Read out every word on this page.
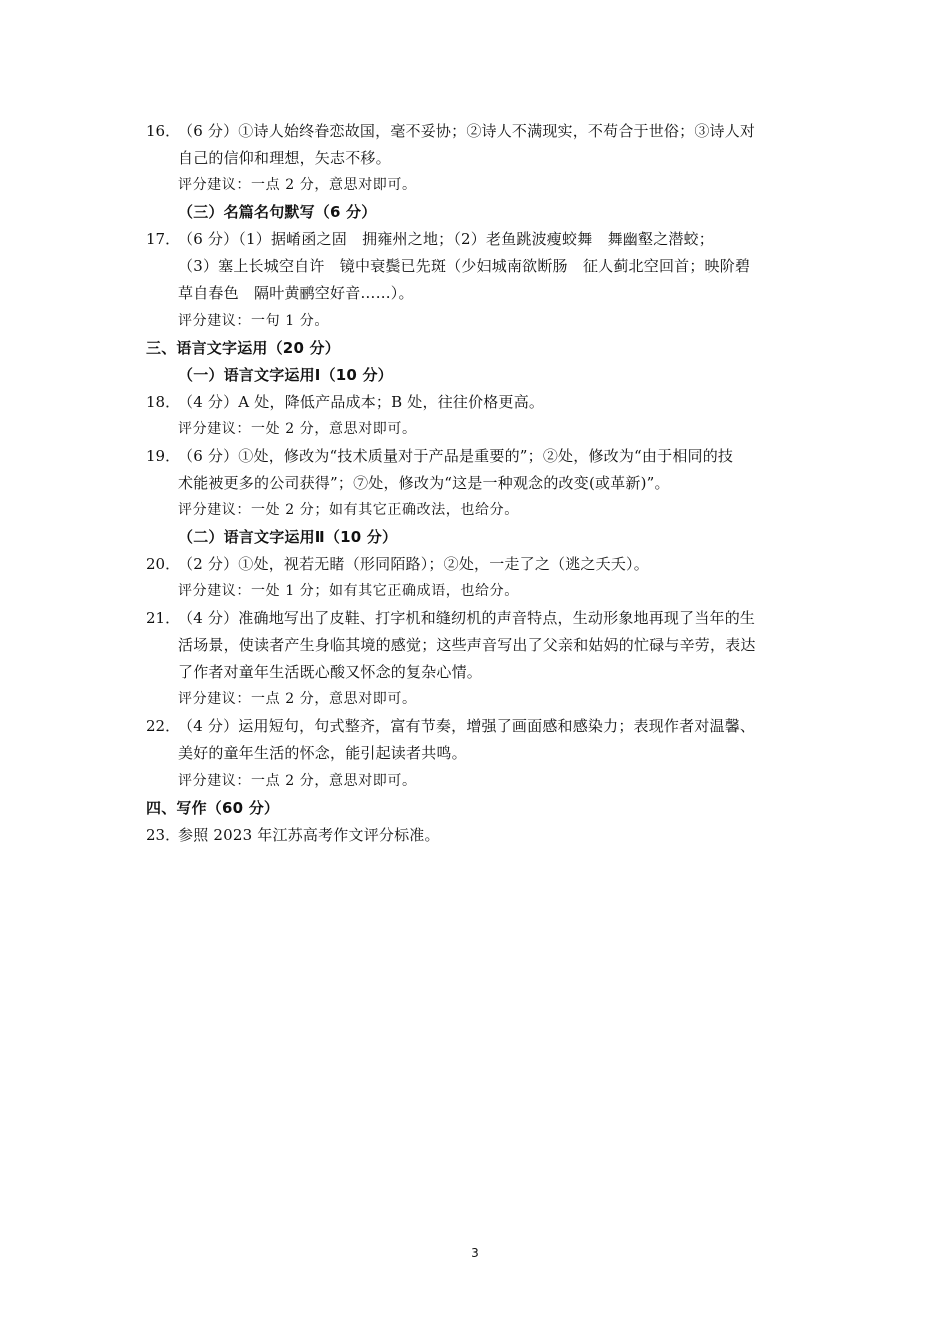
16．
（6 分）①诗人始终眷恋故国，毫不妥协；②诗人不满现实，不苟合于世俗；③诗人对
自己的信仰和理想，矢志不移。
评分建议：一点 2 分，意思对即可。
（三）名篇名句默写（6 分）
17．
（6 分）（1）据崤函之固　拥雍州之地；（2）老鱼跳波瘦蛟舞　舞幽壑之潜蛟；
（3）塞上长城空自许　镜中衰鬓已先斑（少妇城南欲断肠　征人蓟北空回首；映阶碧
草自春色　隔叶黄鹂空好音……）。
评分建议：一句 1 分。
三、语言文字运用（20 分）
（一）语言文字运用Ⅰ（10 分）
18．
（4 分）A 处，降低产品成本；B 处，往往价格更高。
评分建议：一处 2 分，意思对即可。
19．
（6 分）①处，修改为“技术质量对于产品是重要的”；②处，修改为“由于相同的技
术能被更多的公司获得”；⑦处，修改为“这是一种观念的改变(或革新)”。
评分建议：一处 2 分；如有其它正确改法，也给分。
（二）语言文字运用Ⅱ（10 分）
20．
（2 分）①处，视若无睹（形同陌路）；②处，一走了之（逃之夭夭）。
评分建议：一处 1 分；如有其它正确成语，也给分。
21．
（4 分）准确地写出了皮鞋、打字机和缝纫机的声音特点，生动形象地再现了当年的生
活场景，使读者产生身临其境的感觉；这些声音写出了父亲和姑妈的忙碌与辛劳，表达
了作者对童年生活既心酸又怀念的复杂心情。
评分建议：一点 2 分，意思对即可。
22．
（4 分）运用短句，句式整齐，富有节奏，增强了画面感和感染力；表现作者对温馨、
美好的童年生活的怀念，能引起读者共鸣。
评分建议：一点 2 分，意思对即可。
四、写作（60 分）
23．
参照 2023 年江苏高考作文评分标准。
3
